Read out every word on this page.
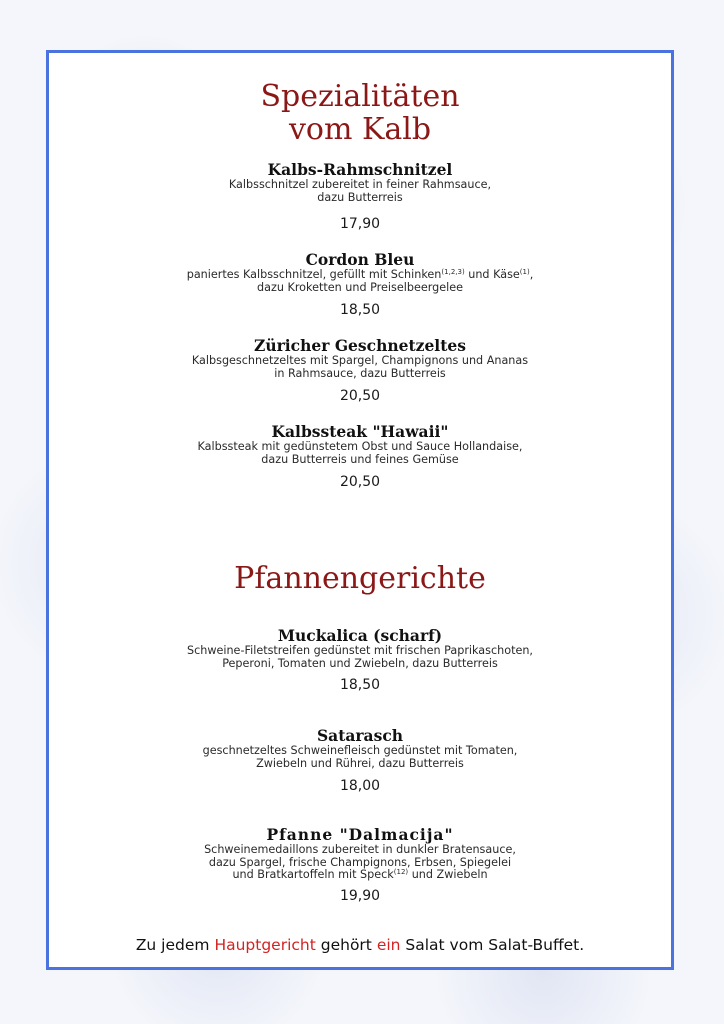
Spezialitäten
vom Kalb
Kalbs-Rahmschnitzel
Kalbsschnitzel zubereitet in feiner Rahmsauce,
dazu Butterreis
17,90
Cordon Bleu
paniertes Kalbsschnitzel, gefüllt mit Schinken$^{(1,2,3)}$ und Käse$^{(1)}$,
dazu Kroketten und Preiselbeergelee
18,50
Züricher Geschnetzeltes
Kalbsgeschnetzeltes mit Spargel, Champignons und Ananas
in Rahmsauce, dazu Butterreis
20,50
Kalbssteak "Hawaii"
Kalbssteak mit gedünstetem Obst und Sauce Hollandaise,
dazu Butterreis und feines Gemüse
20,50
Pfannengerichte
Muckalica (scharf)
Schweine-Filetstreifen gedünstet mit frischen Paprikaschoten,
Peperoni, Tomaten und Zwiebeln, dazu Butterreis
18,50
Satarasch
geschnetzeltes Schweinefleisch gedünstet mit Tomaten,
Zwiebeln und Rührei, dazu Butterreis
18,00
Pfanne "Dalmacija"
Schweinemedaillons zubereitet in dunkler Bratensauce,
dazu Spargel, frische Champignons, Erbsen, Spiegelei
und Bratkartoffeln mit Speck$^{(12)}$ und Zwiebeln
19,90
Zu jedem Hauptgericht gehört ein Salat vom Salat-Buffet.
